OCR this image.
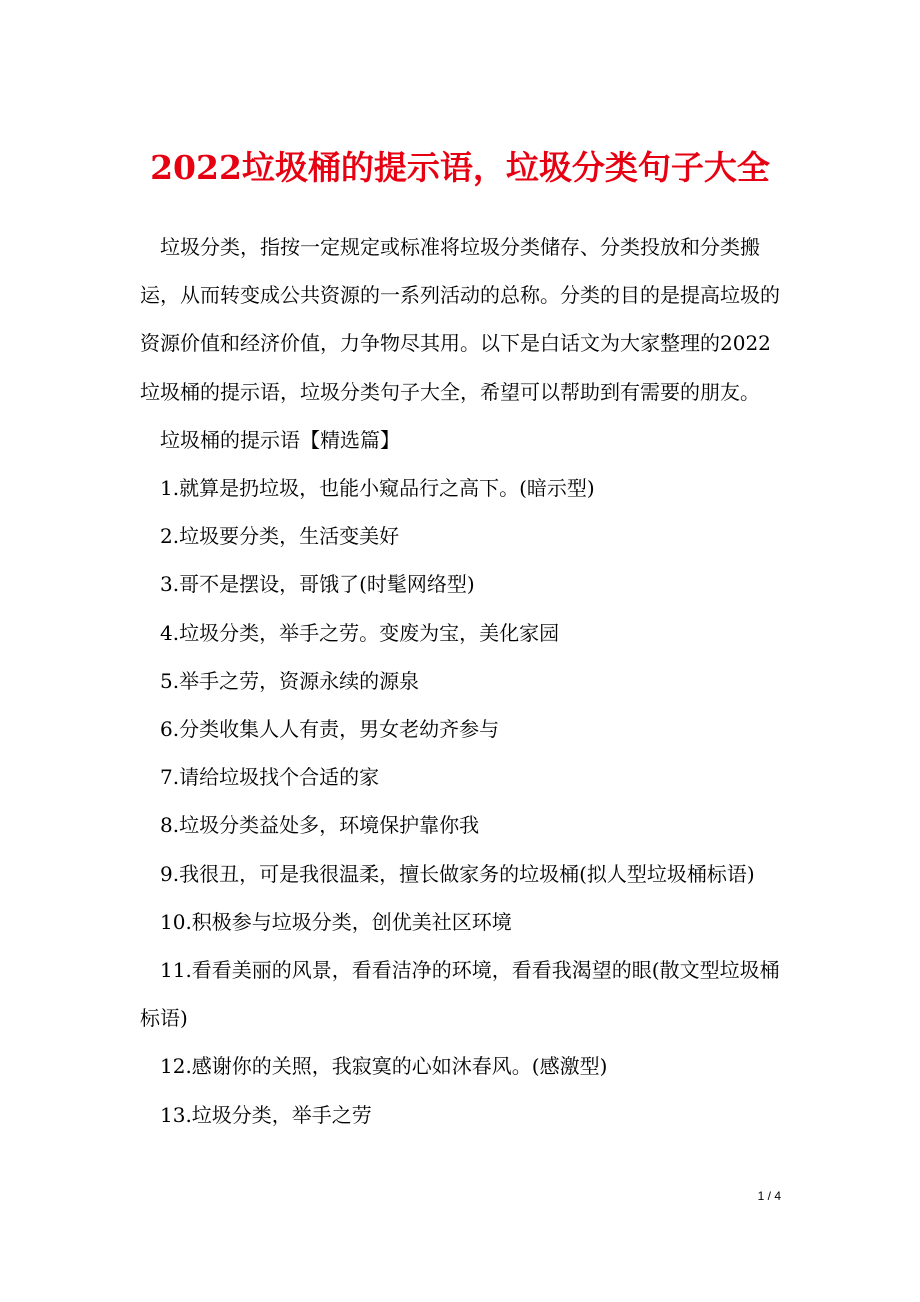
2022垃圾桶的提示语，垃圾分类句子大全

垃圾分类，指按一定规定或标准将垃圾分类储存、分类投放和分类搬运，从而转变成公共资源的一系列活动的总称。分类的目的是提高垃圾的资源价值和经济价值，力争物尽其用。以下是白话文为大家整理的2022垃圾桶的提示语，垃圾分类句子大全，希望可以帮助到有需要的朋友。

垃圾桶的提示语【精选篇】

1.就算是扔垃圾，也能小窥品行之高下。(暗示型)

2.垃圾要分类，生活变美好

3.哥不是摆设，哥饿了(时髦网络型)

4.垃圾分类，举手之劳。变废为宝，美化家园

5.举手之劳，资源永续的源泉

6.分类收集人人有责，男女老幼齐参与

7.请给垃圾找个合适的家

8.垃圾分类益处多，环境保护靠你我

9.我很丑，可是我很温柔，擅长做家务的垃圾桶(拟人型垃圾桶标语)

10.积极参与垃圾分类，创优美社区环境

11.看看美丽的风景，看看洁净的环境，看看我渴望的眼(散文型垃圾桶标语)

12.感谢你的关照，我寂寞的心如沐春风。(感激型)

13.垃圾分类，举手之劳

1 / 4
